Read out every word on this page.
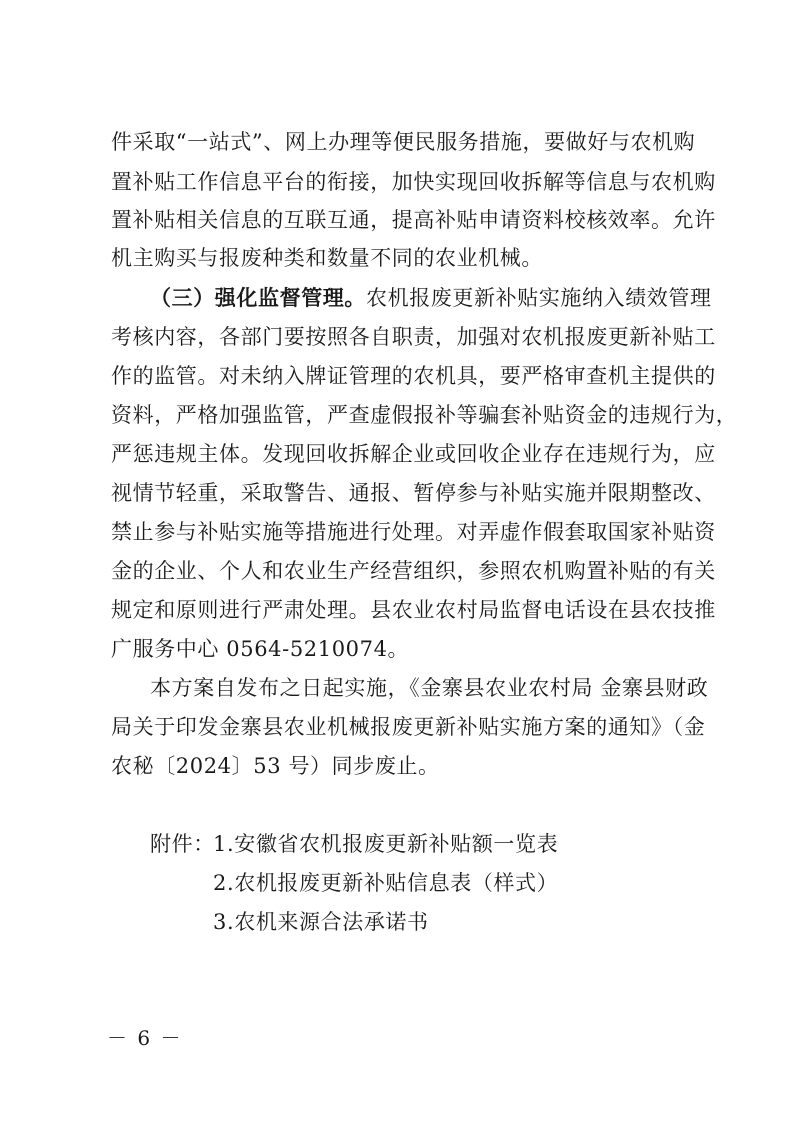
件采取“一站式”、网上办理等便民服务措施，要做好与农机购
置补贴工作信息平台的衔接，加快实现回收拆解等信息与农机购
置补贴相关信息的互联互通，提高补贴申请资料校核效率。允许
机主购买与报废种类和数量不同的农业机械。
（三）强化监督管理。农机报废更新补贴实施纳入绩效管理
考核内容，各部门要按照各自职责，加强对农机报废更新补贴工
作的监管。对未纳入牌证管理的农机具，要严格审查机主提供的
资料，严格加强监管，严查虚假报补等骗套补贴资金的违规行为，
严惩违规主体。发现回收拆解企业或回收企业存在违规行为，应
视情节轻重，采取警告、通报、暂停参与补贴实施并限期整改、
禁止参与补贴实施等措施进行处理。对弄虚作假套取国家补贴资
金的企业、个人和农业生产经营组织，参照农机购置补贴的有关
规定和原则进行严肃处理。县农业农村局监督电话设在县农技推
广服务中心 0564-5210074。
本方案自发布之日起实施，《金寨县农业农村局 金寨县财政
局关于印发金寨县农业机械报废更新补贴实施方案的通知》（金
农秘〔2024〕53 号）同步废止。
附件：
1.安徽省农机报废更新补贴额一览表
2.农机报废更新补贴信息表（样式）
3.农机来源合法承诺书
－ 6 －
